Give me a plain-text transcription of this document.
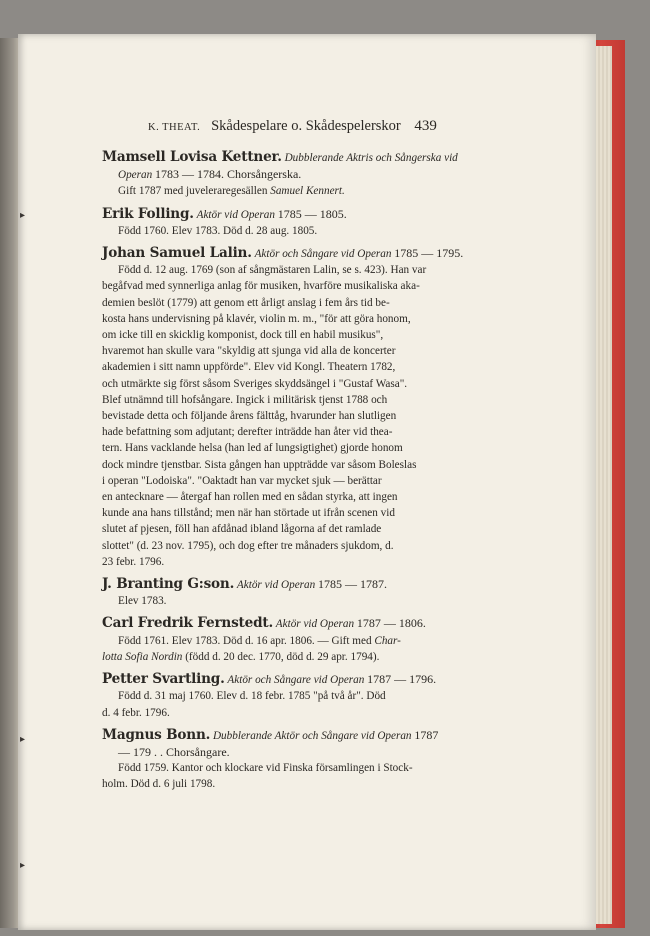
▸
▸
▸
K. THEAT. Skådespelare o. Skådespelerskor 439
Mamsell Lovisa Kettner. Dubblerande Aktris och Sångerska vid
Operan 1783 — 1784. Chorsångerska.
Gift 1787 med juveleraregesällen Samuel Kennert.
Erik Folling. Aktör vid Operan 1785 — 1805.
Född 1760. Elev 1783. Död d. 28 aug. 1805.
Johan Samuel Lalin. Aktör och Sångare vid Operan 1785 — 1795.
Född d. 12 aug. 1769 (son af sångmästaren Lalin, se s. 423). Han var
begåfvad med synnerliga anlag för musiken, hvarföre musikaliska aka-
demien beslöt (1779) att genom ett årligt anslag i fem års tid be-
kosta hans undervisning på klavér, violin m. m., "för att göra honom,
om icke till en skicklig komponist, dock till en habil musikus",
hvaremot han skulle vara "skyldig att sjunga vid alla de koncerter
akademien i sitt namn uppförde". Elev vid Kongl. Theatern 1782,
och utmärkte sig först såsom Sveriges skyddsängel i "Gustaf Wasa".
Blef utnämnd till hofsångare. Ingick i militärisk tjenst 1788 och
bevistade detta och följande årens fälttåg, hvarunder han slutligen
hade befattning som adjutant; derefter inträdde han åter vid thea-
tern. Hans vacklande helsa (han led af lungsigtighet) gjorde honom
dock mindre tjenstbar. Sista gången han uppträdde var såsom Boleslas
i operan "Lodoiska". "Oaktadt han var mycket sjuk — berättar
en antecknare — återgaf han rollen med en sådan styrka, att ingen
kunde ana hans tillstånd; men när han störtade ut ifrån scenen vid
slutet af pjesen, föll han afdånad ibland lågorna af det ramlade
slottet" (d. 23 nov. 1795), och dog efter tre månaders sjukdom, d.
23 febr. 1796.
J. Branting G:son. Aktör vid Operan 1785 — 1787.
Elev 1783.
Carl Fredrik Fernstedt. Aktör vid Operan 1787 — 1806.
Född 1761. Elev 1783. Död d. 16 apr. 1806. — Gift med Char-
lotta Sofia Nordin (född d. 20 dec. 1770, död d. 29 apr. 1794).
Petter Svartling. Aktör och Sångare vid Operan 1787 — 1796.
Född d. 31 maj 1760. Elev d. 18 febr. 1785 "på två år". Död
d. 4 febr. 1796.
Magnus Bonn. Dubblerande Aktör och Sångare vid Operan 1787
— 179 . . Chorsångare.
Född 1759. Kantor och klockare vid Finska församlingen i Stock-
holm. Död d. 6 juli 1798.
